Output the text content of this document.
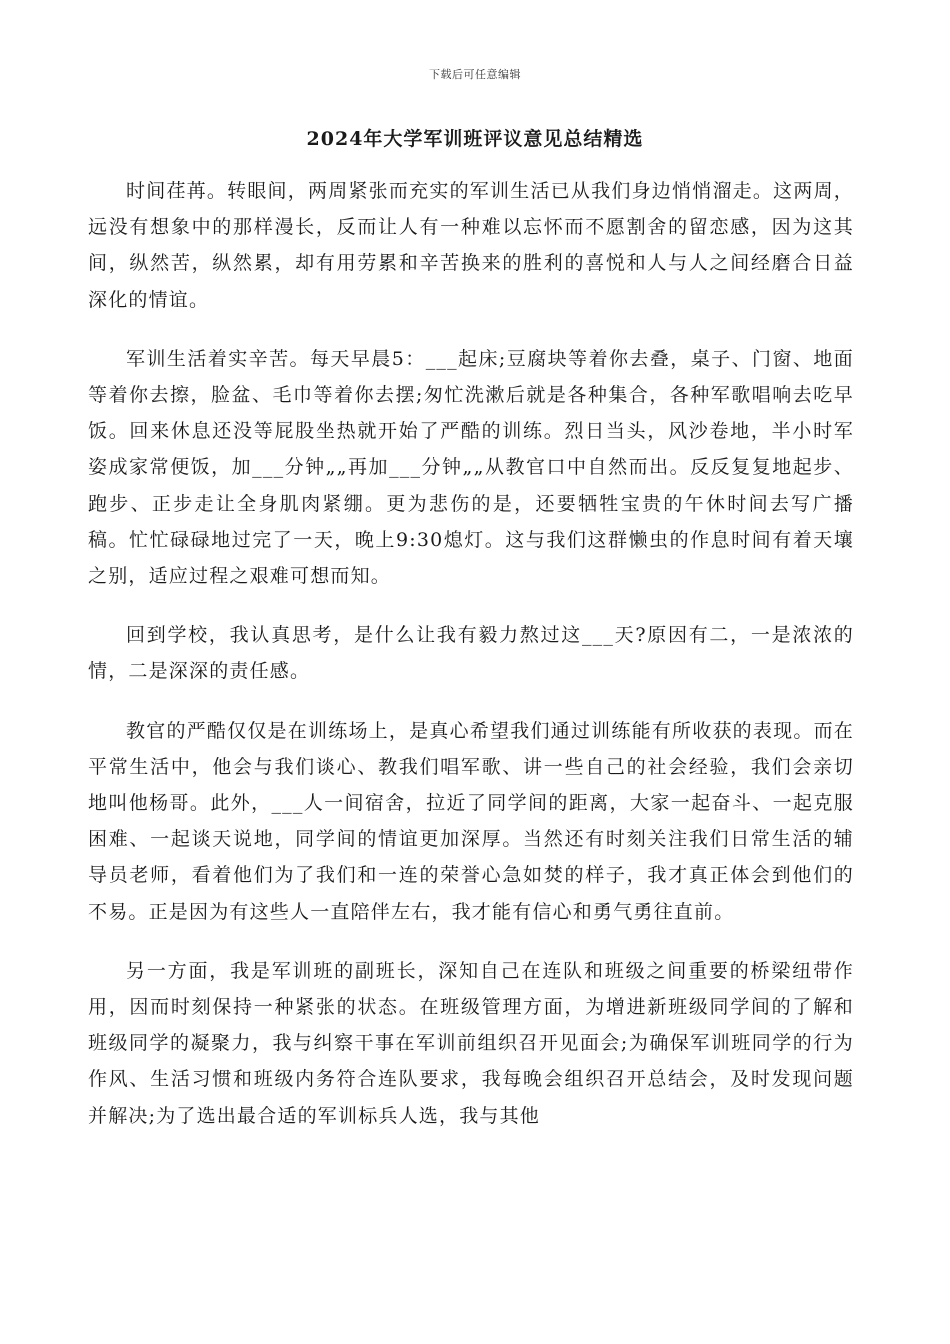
下载后可任意编辑
2024年大学军训班评议意见总结精选

时间荏苒。转眼间，两周紧张而充实的军训生活已从我们身边悄悄溜走。这两周，远没有想象中的那样漫长，反而让人有一种难以忘怀而不愿割舍的留恋感，因为这其间，纵然苦，纵然累，却有用劳累和辛苦换来的胜利的喜悦和人与人之间经磨合日益深化的情谊。

军训生活着实辛苦。每天早晨5：___起床;豆腐块等着你去叠，桌子、门窗、地面等着你去擦，脸盆、毛巾等着你去摆;匆忙洗漱后就是各种集合，各种军歌唱响去吃早饭。回来休息还没等屁股坐热就开始了严酷的训练。烈日当头，风沙卷地，半小时军姿成家常便饭，加___分钟„„再加___分钟„„从教官口中自然而出。反反复复地起步、跑步、正步走让全身肌肉紧绷。更为悲伤的是，还要牺牲宝贵的午休时间去写广播稿。忙忙碌碌地过完了一天，晚上9:30熄灯。这与我们这群懒虫的作息时间有着天壤之别，适应过程之艰难可想而知。

回到学校，我认真思考，是什么让我有毅力熬过这___天?原因有二，一是浓浓的情，二是深深的责任感。

教官的严酷仅仅是在训练场上，是真心希望我们通过训练能有所收获的表现。而在平常生活中，他会与我们谈心、教我们唱军歌、讲一些自己的社会经验，我们会亲切地叫他杨哥。此外，___人一间宿舍，拉近了同学间的距离，大家一起奋斗、一起克服困难、一起谈天说地，同学间的情谊更加深厚。当然还有时刻关注我们日常生活的辅导员老师，看着他们为了我们和一连的荣誉心急如焚的样子，我才真正体会到他们的不易。正是因为有这些人一直陪伴左右，我才能有信心和勇气勇往直前。

另一方面，我是军训班的副班长，深知自己在连队和班级之间重要的桥梁纽带作用，因而时刻保持一种紧张的状态。在班级管理方面，为增进新班级同学间的了解和班级同学的凝聚力，我与纠察干事在军训前组织召开见面会;为确保军训班同学的行为作风、生活习惯和班级内务符合连队要求，我每晚会组织召开总结会，及时发现问题并解决;为了选出最合适的军训标兵人选，我与其他
